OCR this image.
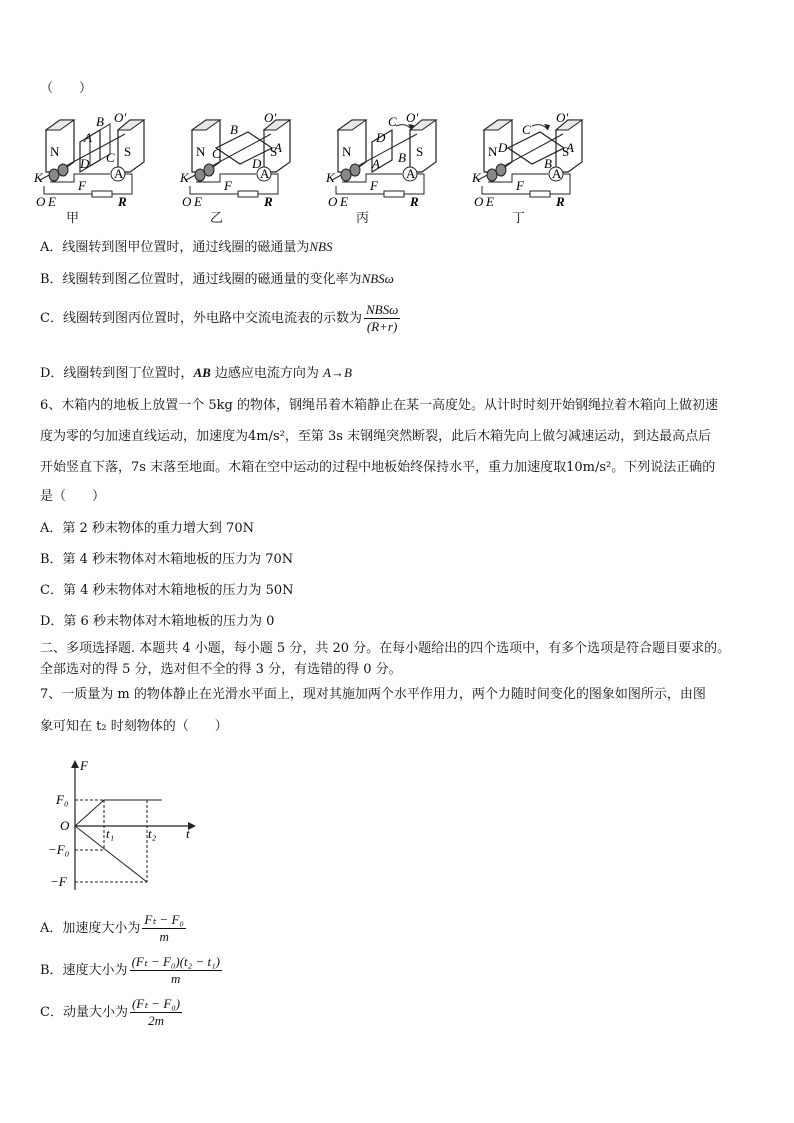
（　　）
A
B O'
D C
B
O'
C
D
A
D
C O'
A B
C
O'
D
B
A
甲	乙	丙	丁
A．线圈转到图甲位置时，通过线圈的磁通量为NBS
B．线圈转到图乙位置时，通过线圈的磁通量的变化率为NBSω
C．线圈转到图丙位置时，外电路中交流电流表的示数为 $\frac{\text{NBSω}}{(R+r)}$
D．线圈转到图丁位置时，AB 边感应电流方向为 A→B
6、木箱内的地板上放置一个 5kg 的物体，钢绳吊着木箱静止在某一高度处。从计时时刻开始钢绳拉着木箱向上做初速
度为零的匀加速直线运动，加速度为4m/s²，至第 3s 末钢绳突然断裂，此后木箱先向上做匀减速运动，到达最高点后
开始竖直下落，7s 末落至地面。木箱在空中运动的过程中地板始终保持水平，重力加速度取10m/s²。下列说法正确的
是（　　）
A．第 2 秒末物体的重力增大到 70N
B．第 4 秒末物体对木箱地板的压力为 70N
C．第 4 秒末物体对木箱地板的压力为 50N
D．第 6 秒末物体对木箱地板的压力为 0
二、多项选择题. 本题共 4 小题，每小题 5 分，共 20 分。在每小题给出的四个选项中，有多个选项是符合题目要求的。
全部选对的得 5 分，选对但不全的得 3 分，有选错的得 0 分。
7、一质量为 m 的物体静止在光滑水平面上，现对其施加两个水平作用力，两个力随时间变化的图象如图所示，由图
象可知在 t₂ 时刻物体的（　　）
F
t
O
F₀
−F₀
−F
t₁	t₂
A．加速度大小为 $\frac{\text{Fₜ − F₀}}{m}$
B．速度大小为 $\frac{\text{(Fₜ − F₀)(t₂ − t₁)}}{m}$
C．动量大小为 $\frac{\text{(Fₜ − F₀)}}{2m}$
